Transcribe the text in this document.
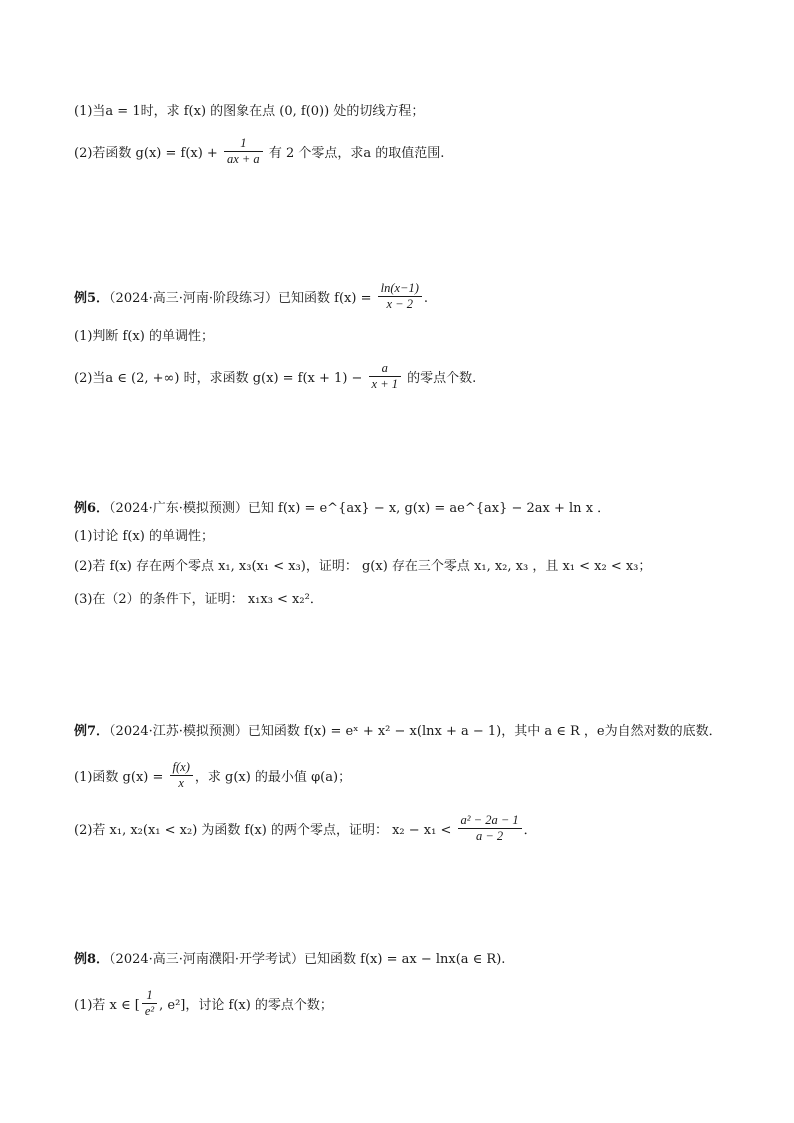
(1)当a = 1时，求 f(x) 的图象在点 (0, f(0)) 处的切线方程；
(2)若函数 $g(x) = f(x) + \frac{1}{ax + a}$ 有 2 个零点，求a 的取值范围.
例5．（2024·高三·河南·阶段练习）已知函数 $f(x) = \frac{\ln(x-1)}{x - 2}$ .
(1)判断 f(x) 的单调性；
(2)当a ∈ (2, +∞) 时，求函数 $g(x) = f(x + 1) - \frac{a}{x + 1}$ 的零点个数.
例6．（2024·广东·模拟预测）已知 f(x) = e^{ax} − x, g(x) = ae^{ax} − 2ax + ln x ．
(1)讨论 f(x) 的单调性；
(2)若 f(x) 存在两个零点 x₁, x₃(x₁ < x₃)，证明： g(x) 存在三个零点 x₁, x₂, x₃ ，且 x₁ < x₂ < x₃；
(3)在（2）的条件下，证明： x₁x₃ < x₂²．
例7．（2024·江苏·模拟预测）已知函数 f(x) = eˣ + x² − x(lnx + a − 1)，其中 a ∈ R ，e为自然对数的底数．
(1)函数 $g(x) = \frac{f(x)}{x}$ ，求 g(x) 的最小值 φ(a)；
(2)若 x₁, x₂(x₁ < x₂) 为函数 f(x) 的两个零点，证明： $x_2 - x_1 < \frac{\text{a² − 2a − 1}}{a - 2}$ ．
例8．（2024·高三·河南濮阳·开学考试）已知函数 f(x) = ax − lnx(a ∈ R).
(1)若 x ∈ [ $\frac{1}{\text{e²}}$ , e²]，讨论 f(x) 的零点个数；
